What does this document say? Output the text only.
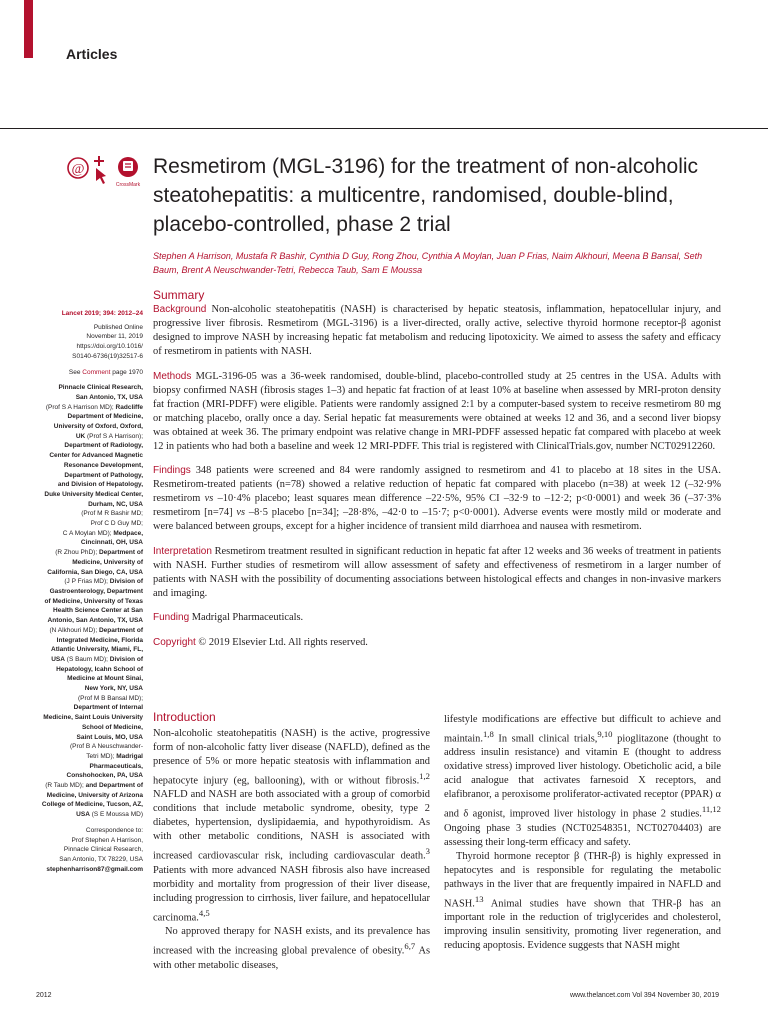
Articles
@
CrossMark
Resmetirom (MGL-3196) for the treatment of non-alcoholic steatohepatitis: a multicentre, randomised, double-blind, placebo-controlled, phase 2 trial
Stephen A Harrison, Mustafa R Bashir, Cynthia D Guy, Rong Zhou, Cynthia A Moylan, Juan P Frias, Naim Alkhouri, Meena B Bansal, Seth Baum, Brent A Neuschwander-Tetri, Rebecca Taub, Sam E Moussa
Lancet 2019; 394: 2012–24

Published Online
November 11, 2019
https://doi.org/10.1016/
S0140-6736(19)32517-6

See Comment page 1970

Pinnacle Clinical Research,
San Antonio, TX, USA
(Prof S A Harrison MD); Radcliffe
Department of Medicine,
University of Oxford, Oxford,
UK (Prof S A Harrison);
Department of Radiology,
Center for Advanced Magnetic
Resonance Development,
Department of Pathology,
and Division of Hepatology,
Duke University Medical Center,
Durham, NC, USA
(Prof M R Bashir MD;
Prof C D Guy MD;
C A Moylan MD); Medpace,
Cincinnati, OH, USA
(R Zhou PhD); Department of
Medicine, University of
California, San Diego, CA, USA
(J P Frias MD); Division of
Gastroenterology, Department
of Medicine, University of Texas
Health Science Center at San
Antonio, San Antonio, TX, USA
(N Alkhouri MD); Department of
Integrated Medicine, Florida
Atlantic University, Miami, FL,
USA (S Baum MD); Division of
Hepatology, Icahn School of
Medicine at Mount Sinai,
New York, NY, USA
(Prof M B Bansal MD);
Department of Internal
Medicine, Saint Louis University
School of Medicine,
Saint Louis, MO, USA
(Prof B A Neuschwander-
Tetri MD); Madrigal
Pharmaceuticals,
Conshohocken, PA, USA
(R Taub MD); and Department of
Medicine, University of Arizona
College of Medicine, Tucson, AZ,
USA (S E Moussa MD)
Correspondence to:
Prof Stephen A Harrison,
Pinnacle Clinical Research,
San Antonio, TX 78229, USA
stephenharrison87@gmail.com
Summary

Background Non-alcoholic steatohepatitis (NASH) is characterised by hepatic steatosis, inflammation, hepatocellular injury, and progressive liver fibrosis. Resmetirom (MGL-3196) is a liver-directed, orally active, selective thyroid hormone receptor-β agonist designed to improve NASH by increasing hepatic fat metabolism and reducing lipotoxicity. We aimed to assess the safety and efficacy of resmetirom in patients with NASH.

Methods MGL-3196-05 was a 36-week randomised, double-blind, placebo-controlled study at 25 centres in the USA. Adults with biopsy confirmed NASH (fibrosis stages 1–3) and hepatic fat fraction of at least 10% at baseline when assessed by MRI-proton density fat fraction (MRI-PDFF) were eligible. Patients were randomly assigned 2:1 by a computer-based system to receive resmetirom 80 mg or matching placebo, orally once a day. Serial hepatic fat measurements were obtained at weeks 12 and 36, and a second liver biopsy was obtained at week 36. The primary endpoint was relative change in MRI-PDFF assessed hepatic fat compared with placebo at week 12 in patients who had both a baseline and week 12 MRI-PDFF. This trial is registered with ClinicalTrials.gov, number NCT02912260.

Findings 348 patients were screened and 84 were randomly assigned to resmetirom and 41 to placebo at 18 sites in the USA. Resmetirom-treated patients (n=78) showed a relative reduction of hepatic fat compared with placebo (n=38) at week 12 (–32·9% resmetirom vs –10·4% placebo; least squares mean difference –22·5%, 95% CI –32·9 to –12·2; p<0·0001) and week 36 (–37·3% resmetirom [n=74] vs –8·5 placebo [n=34]; –28·8%, –42·0 to –15·7; p<0·0001). Adverse events were mostly mild or moderate and were balanced between groups, except for a higher incidence of transient mild diarrhoea and nausea with resmetirom.

Interpretation Resmetirom treatment resulted in significant reduction in hepatic fat after 12 weeks and 36 weeks of treatment in patients with NASH. Further studies of resmetirom will allow assessment of safety and effectiveness of resmetirom in a larger number of patients with NASH with the possibility of documenting associations between histological effects and changes in non-invasive markers and imaging.

Funding Madrigal Pharmaceuticals.

Copyright © 2019 Elsevier Ltd. All rights reserved.

Introduction

Non-alcoholic steatohepatitis (NASH) is the active, progressive form of non-alcoholic fatty liver disease (NAFLD), defined as the presence of 5% or more hepatic steatosis with inflammation and hepatocyte injury (eg, ballooning), with or without fibrosis.$^{1,2}$ NAFLD and NASH are both associated with a group of comorbid conditions that include metabolic syndrome, obesity, type 2 diabetes, hypertension, dyslipidaemia, and hypothyroidism. As with other metabolic conditions, NASH is associated with increased cardiovascular risk, including cardiovascular death.$^3$ Patients with more advanced NASH fibrosis also have increased morbidity and mortality from progression of their liver disease, including progression to cirrhosis, liver failure, and hepatocellular carcinoma.$^{4,5}$

No approved therapy for NASH exists, and its prevalence has increased with the increasing global prevalence of obesity.$^{6,7}$ As with other metabolic diseases,

lifestyle modifications are effective but difficult to achieve and maintain.$^{1,8}$ In small clinical trials,$^{9,10}$ pioglitazone (thought to address insulin resistance) and vitamin E (thought to address oxidative stress) improved liver histology. Obeticholic acid, a bile acid analogue that activates farnesoid X receptors, and elafibranor, a peroxisome proliferator-activated receptor (PPAR) α and δ agonist, improved liver histology in phase 2 studies.$^{11,12}$ Ongoing phase 3 studies (NCT02548351, NCT02704403) are assessing their long-term efficacy and safety.

Thyroid hormone receptor β (THR-β) is highly expressed in hepatocytes and is responsible for regulating the metabolic pathways in the liver that are frequently impaired in NAFLD and NASH.$^{13}$ Animal studies have shown that THR-β has an important role in the reduction of triglycerides and cholesterol, improving insulin sensitivity, promoting liver regeneration, and reducing apoptosis. Evidence suggests that NASH might

2012	www.thelancet.com Vol 394 November 30, 2019
